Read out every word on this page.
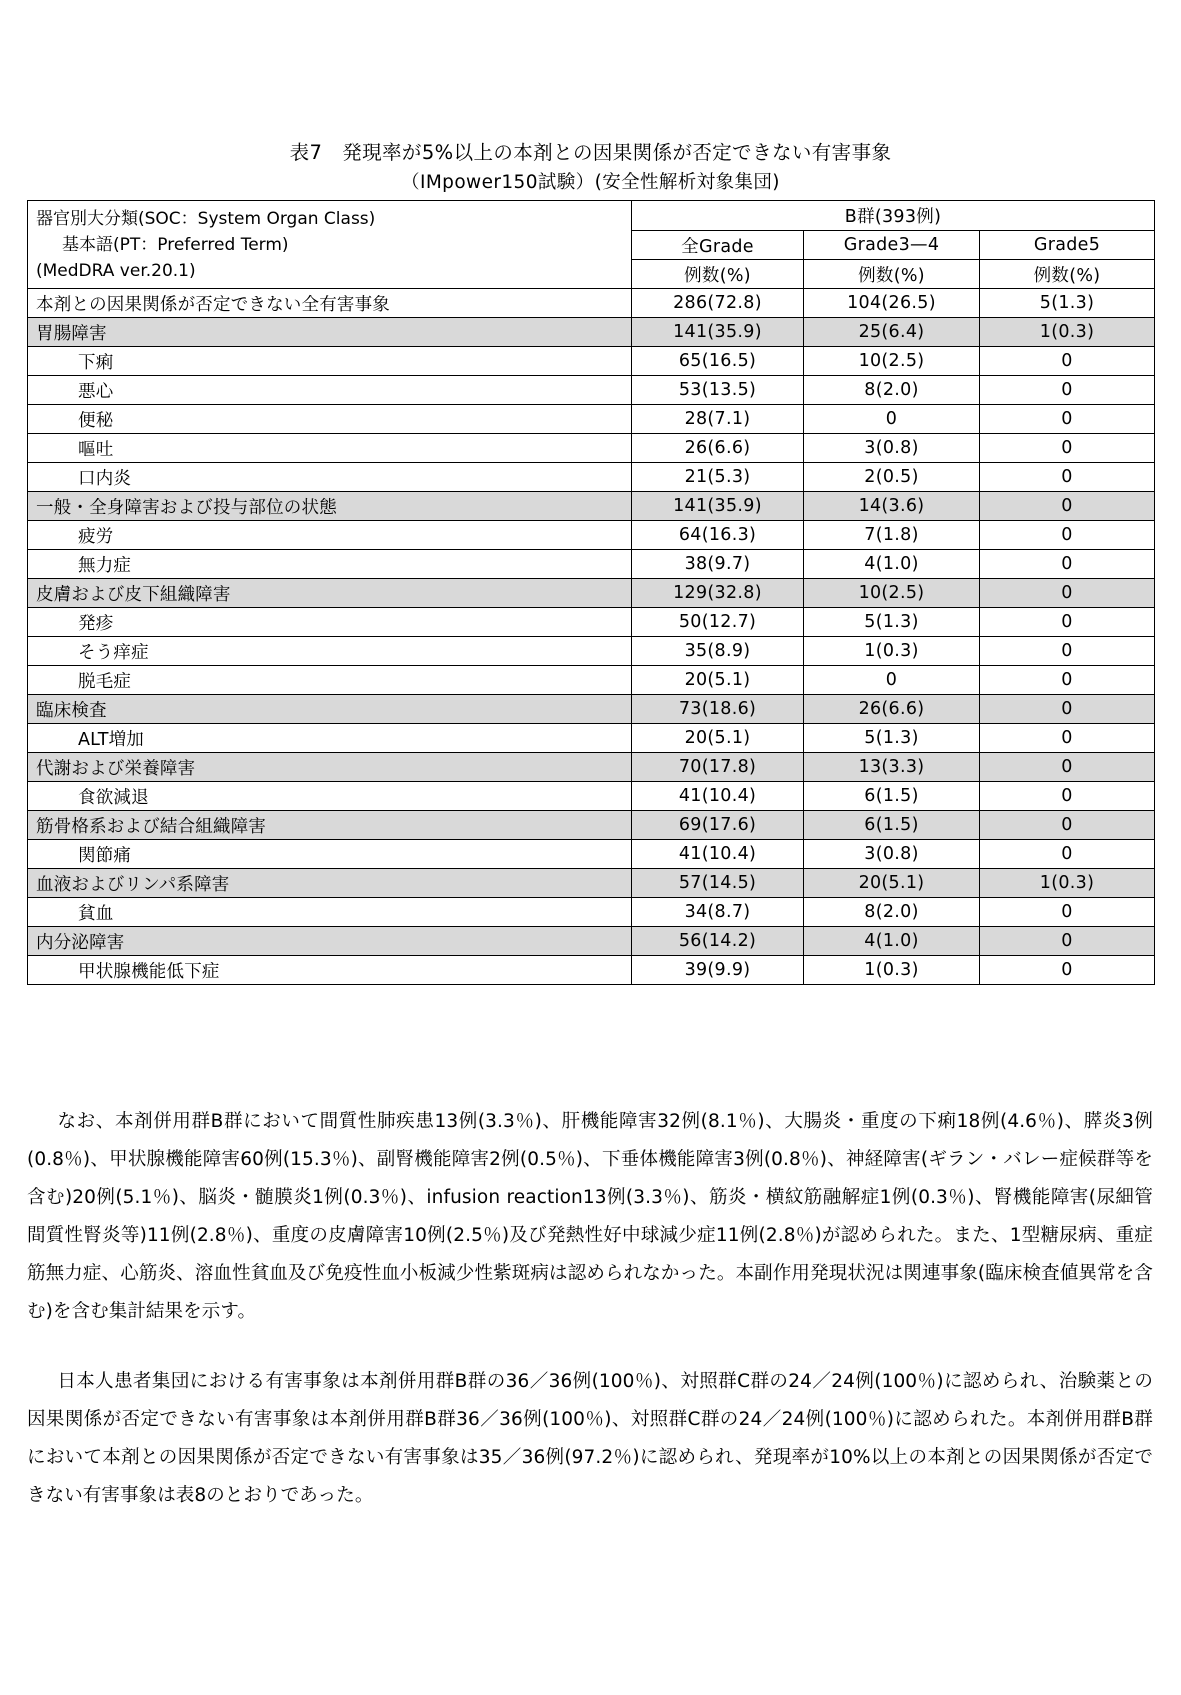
表7　発現率が5%以上の本剤との因果関係が否定できない有害事象
（IMpower150試験）(安全性解析対象集団)
器官別大分類(SOC：System Organ Class)
基本語(PT：Preferred Term)
(MedDRA ver.20.1)	B群(393例)		
	全Grade	Grade3—4	Grade5
	例数(%)	例数(%)	例数(%)
本剤との因果関係が否定できない全有害事象	286(72.8)	104(26.5)	5(1.3)
胃腸障害	141(35.9)	25(6.4)	1(0.3)
下痢	65(16.5)	10(2.5)	0
悪心	53(13.5)	8(2.0)	0
便秘	28(7.1)	0	0
嘔吐	26(6.6)	3(0.8)	0
口内炎	21(5.3)	2(0.5)	0
一般・全身障害および投与部位の状態	141(35.9)	14(3.6)	0
疲労	64(16.3)	7(1.8)	0
無力症	38(9.7)	4(1.0)	0
皮膚および皮下組織障害	129(32.8)	10(2.5)	0
発疹	50(12.7)	5(1.3)	0
そう痒症	35(8.9)	1(0.3)	0
脱毛症	20(5.1)	0	0
臨床検査	73(18.6)	26(6.6)	0
ALT増加	20(5.1)	5(1.3)	0
代謝および栄養障害	70(17.8)	13(3.3)	0
食欲減退	41(10.4)	6(1.5)	0
筋骨格系および結合組織障害	69(17.6)	6(1.5)	0
関節痛	41(10.4)	3(0.8)	0
血液およびリンパ系障害	57(14.5)	20(5.1)	1(0.3)
貧血	34(8.7)	8(2.0)	0
内分泌障害	56(14.2)	4(1.0)	0
甲状腺機能低下症	39(9.9)	1(0.3)	0
なお、本剤併用群B群において間質性肺疾患13例(3.3％)、肝機能障害32例(8.1％)、大腸炎・重度の下痢18例(4.6％)、膵炎3例(0.8％)、甲状腺機能障害60例(15.3％)、副腎機能障害2例(0.5％)、下垂体機能障害3例(0.8％)、神経障害(ギラン・バレー症候群等を含む)20例(5.1％)、脳炎・髄膜炎1例(0.3％)、infusion reaction13例(3.3％)、筋炎・横紋筋融解症1例(0.3％)、腎機能障害(尿細管間質性腎炎等)11例(2.8％)、重度の皮膚障害10例(2.5％)及び発熱性好中球減少症11例(2.8％)が認められた。また、1型糖尿病、重症筋無力症、心筋炎、溶血性貧血及び免疫性血小板減少性紫斑病は認められなかった。本副作用発現状況は関連事象(臨床検査値異常を含む)を含む集計結果を示す。
日本人患者集団における有害事象は本剤併用群B群の36／36例(100％)、対照群C群の24／24例(100％)に認められ、治験薬との因果関係が否定できない有害事象は本剤併用群B群36／36例(100％)、対照群C群の24／24例(100％)に認められた。本剤併用群B群において本剤との因果関係が否定できない有害事象は35／36例(97.2％)に認められ、発現率が10%以上の本剤との因果関係が否定できない有害事象は表8のとおりであった。
